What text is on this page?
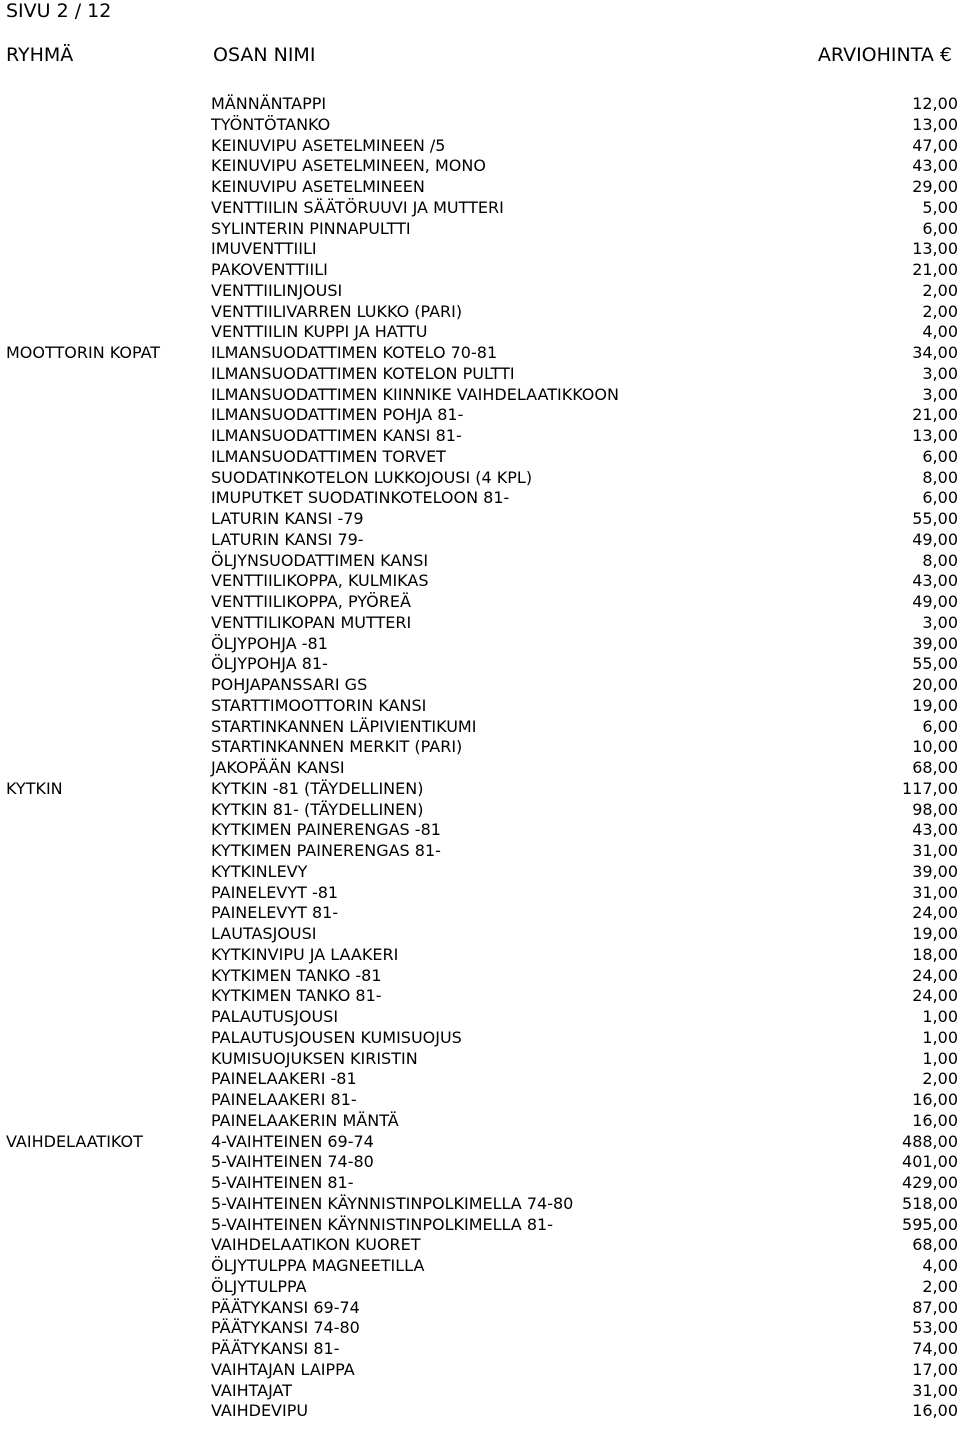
SIVU 2 / 12
RYHMÄ	OSAN NIMI	ARVIOHINTA €
MÄNNÄNTAPPI	12,00
TYÖNTÖTANKO	13,00
KEINUVIPU ASETELMINEEN /5	47,00
KEINUVIPU ASETELMINEEN, MONO	43,00
KEINUVIPU ASETELMINEEN	29,00
VENTTIILIN SÄÄTÖRUUVI JA MUTTERI	5,00
SYLINTERIN PINNAPULTTI	6,00
IMUVENTTIILI	13,00
PAKOVENTTIILI	21,00
VENTTIILINJOUSI	2,00
VENTTIILIVARREN LUKKO (PARI)	2,00
VENTTIILIN KUPPI JA HATTU	4,00
MOOTTORIN KOPAT	ILMANSUODATTIMEN KOTELO 70-81	34,00
ILMANSUODATTIMEN KOTELON PULTTI	3,00
ILMANSUODATTIMEN KIINNIKE VAIHDELAATIKKOON	3,00
ILMANSUODATTIMEN POHJA 81-	21,00
ILMANSUODATTIMEN KANSI 81-	13,00
ILMANSUODATTIMEN TORVET	6,00
SUODATINKOTELON LUKKOJOUSI (4 KPL)	8,00
IMUPUTKET SUODATINKOTELOON 81-	6,00
LATURIN KANSI -79	55,00
LATURIN KANSI 79-	49,00
ÖLJYNSUODATTIMEN KANSI	8,00
VENTTIILIKOPPA, KULMIKAS	43,00
VENTTIILIKOPPA, PYÖREÄ	49,00
VENTTILIKOPAN MUTTERI	3,00
ÖLJYPOHJA -81	39,00
ÖLJYPOHJA 81-	55,00
POHJAPANSSARI GS	20,00
STARTTIMOOTTORIN KANSI	19,00
STARTINKANNEN LÄPIVIENTIKUMI	6,00
STARTINKANNEN MERKIT (PARI)	10,00
JAKOPÄÄN KANSI	68,00
KYTKIN	KYTKIN -81 (TÄYDELLINEN)	117,00
KYTKIN 81- (TÄYDELLINEN)	98,00
KYTKIMEN PAINERENGAS -81	43,00
KYTKIMEN PAINERENGAS 81-	31,00
KYTKINLEVY	39,00
PAINELEVYT -81	31,00
PAINELEVYT 81-	24,00
LAUTASJOUSI	19,00
KYTKINVIPU JA LAAKERI	18,00
KYTKIMEN TANKO -81	24,00
KYTKIMEN TANKO 81-	24,00
PALAUTUSJOUSI	1,00
PALAUTUSJOUSEN KUMISUOJUS	1,00
KUMISUOJUKSEN KIRISTIN	1,00
PAINELAAKERI -81	2,00
PAINELAAKERI 81-	16,00
PAINELAAKERIN MÄNTÄ	16,00
VAIHDELAATIKOT	4-VAIHTEINEN 69-74	488,00
5-VAIHTEINEN 74-80	401,00
5-VAIHTEINEN 81-	429,00
5-VAIHTEINEN KÄYNNISTINPOLKIMELLA 74-80	518,00
5-VAIHTEINEN KÄYNNISTINPOLKIMELLA 81-	595,00
VAIHDELAATIKON KUORET	68,00
ÖLJYTULPPA MAGNEETILLA	4,00
ÖLJYTULPPA	2,00
PÄÄTYKANSI 69-74	87,00
PÄÄTYKANSI 74-80	53,00
PÄÄTYKANSI 81-	74,00
VAIHTAJAN LAIPPA	17,00
VAIHTAJAT	31,00
VAIHDEVIPU	16,00
